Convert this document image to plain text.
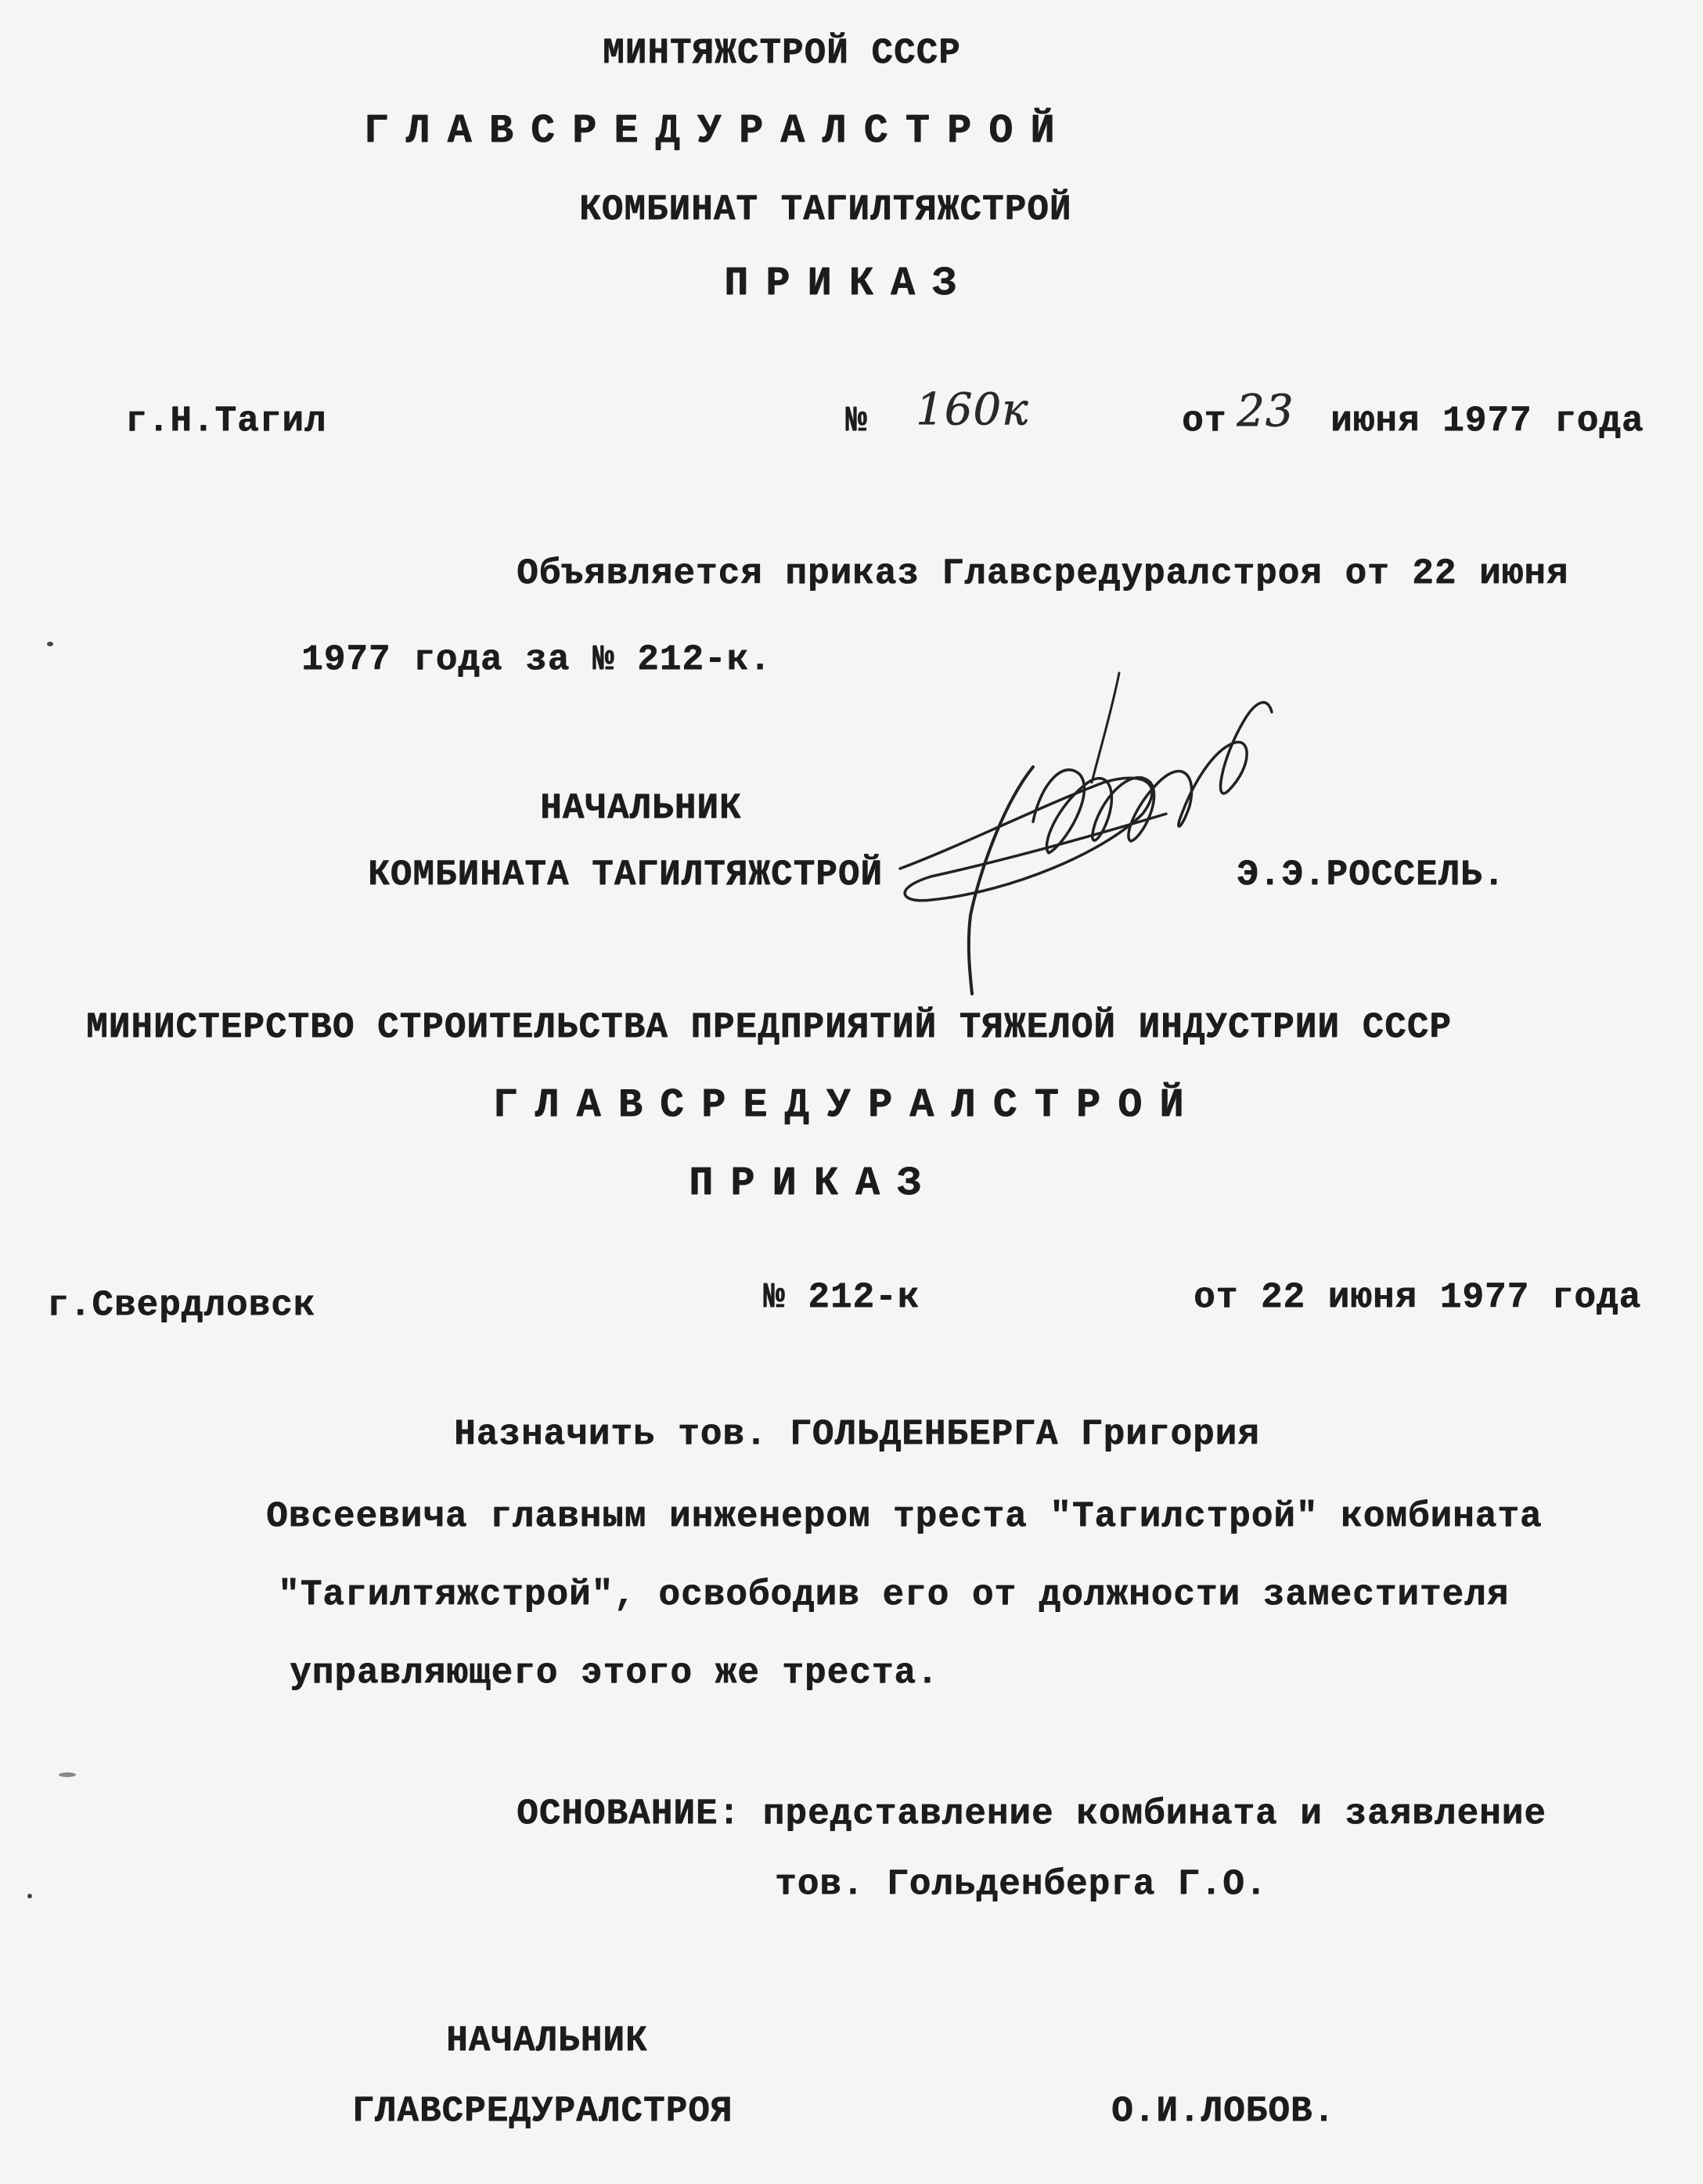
МИНТЯЖСТРОЙ СССР
ГЛАВСРЕДУРАЛСТРОЙ
КОМБИНАТ ТАГИЛТЯЖСТРОЙ
ПРИКАЗ
г.Н.Тагил	№ 160к	от 23 июня 1977 года
Объявляется приказ Главсредуралстроя от 22 июня
1977 года за № 212-к.
НАЧАЛЬНИК
КОМБИНАТА ТАГИЛТЯЖСТРОЙ	Э.Э.РОССЕЛЬ.
МИНИСТЕРСТВО СТРОИТЕЛЬСТВА ПРЕДПРИЯТИЙ ТЯЖЕЛОЙ ИНДУСТРИИ СССР
ГЛАВСРЕДУРАЛСТРОЙ
ПРИКАЗ
г.Свердловск	№ 212-к	от 22 июня 1977 года
Назначить тов. ГОЛЬДЕНБЕРГА Григория
Овсеевича главным инженером треста "Тагилстрой" комбината
"Тагилтяжстрой", освободив его от должности заместителя
управляющего этого же треста.
ОСНОВАНИЕ: представление комбината и заявление
тов. Гольденберга Г.О.
НАЧАЛЬНИК
ГЛАВСРЕДУРАЛСТРОЯ	О.И.ЛОБОВ.
